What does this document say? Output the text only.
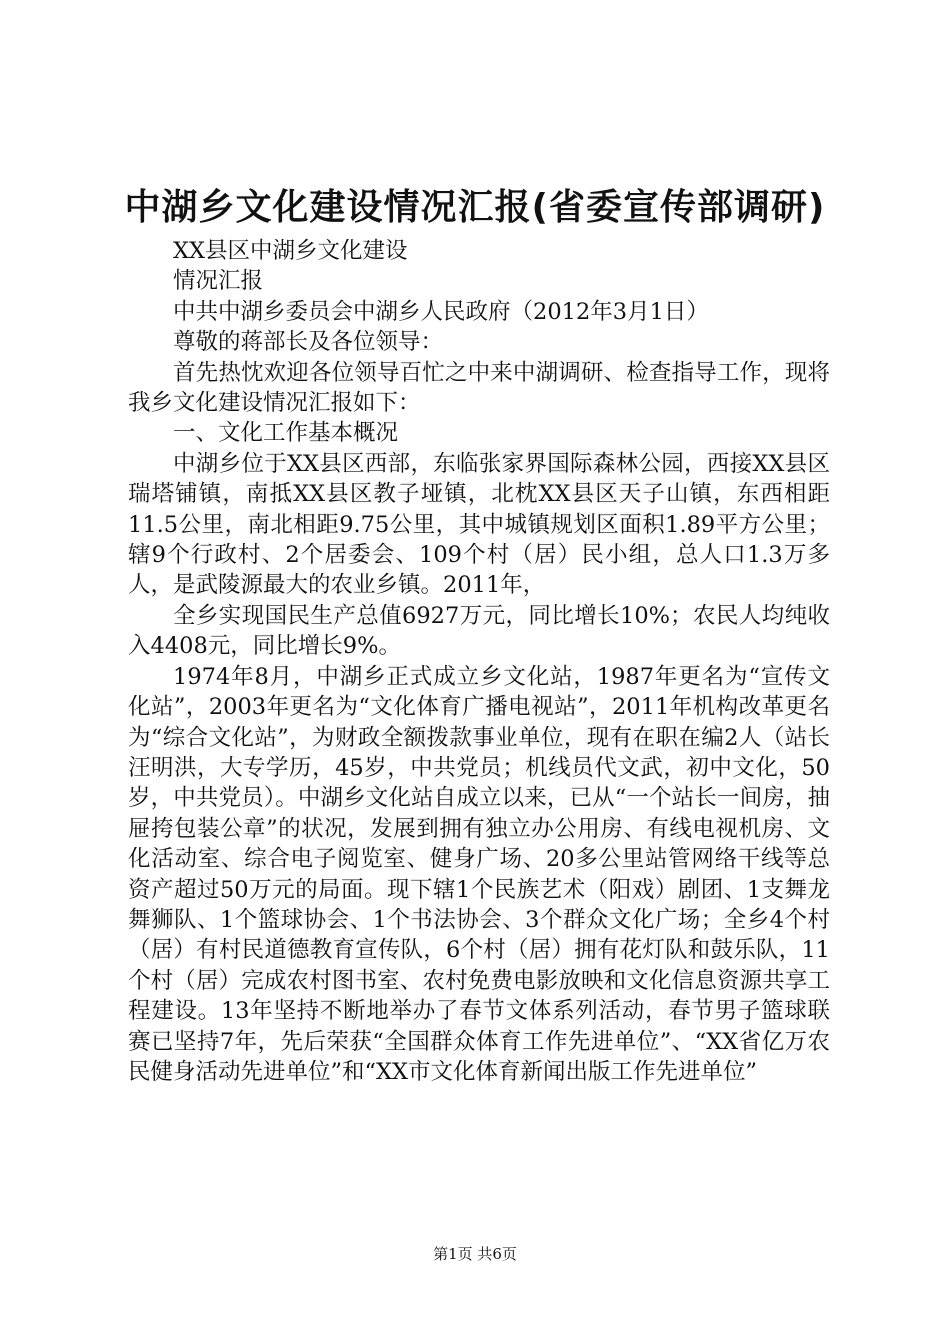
中湖乡文化建设情况汇报(省委宣传部调研)

XX县区中湖乡文化建设

情况汇报

中共中湖乡委员会中湖乡人民政府（2012年3月1日）

尊敬的蒋部长及各位领导：

首先热忱欢迎各位领导百忙之中来中湖调研、检查指导工作，现将我乡文化建设情况汇报如下：

一、文化工作基本概况

中湖乡位于XX县区西部，东临张家界国际森林公园，西接XX县区瑞塔铺镇，南抵XX县区教子垭镇，北枕XX县区天子山镇，东西相距11.5公里，南北相距9.75公里，其中城镇规划区面积1.89平方公里；辖9个行政村、2个居委会、109个村（居）民小组，总人口1.3万多人，是武陵源最大的农业乡镇。2011年，

全乡实现国民生产总值6927万元，同比增长10%；农民人均纯收入4408元，同比增长9%。

1974年8月，中湖乡正式成立乡文化站，1987年更名为“宣传文化站”，2003年更名为“文化体育广播电视站”，2011年机构改革更名为“综合文化站”，为财政全额拨款事业单位，现有在职在编2人（站长汪明洪，大专学历，45岁，中共党员；机线员代文武，初中文化，50岁，中共党员）。中湖乡文化站自成立以来，已从“一个站长一间房，抽屉挎包装公章”的状况，发展到拥有独立办公用房、有线电视机房、文化活动室、综合电子阅览室、健身广场、20多公里站管网络干线等总资产超过50万元的局面。现下辖1个民族艺术（阳戏）剧团、1支舞龙舞狮队、1个篮球协会、1个书法协会、3个群众文化广场；全乡4个村（居）有村民道德教育宣传队，6个村（居）拥有花灯队和鼓乐队，11个村（居）完成农村图书室、农村免费电影放映和文化信息资源共享工程建设。13年坚持不断地举办了春节文体系列活动，春节男子篮球联赛已坚持7年，先后荣获“全国群众体育工作先进单位”、“XX省亿万农民健身活动先进单位”和“XX市文化体育新闻出版工作先进单位”

第1页 共6页
